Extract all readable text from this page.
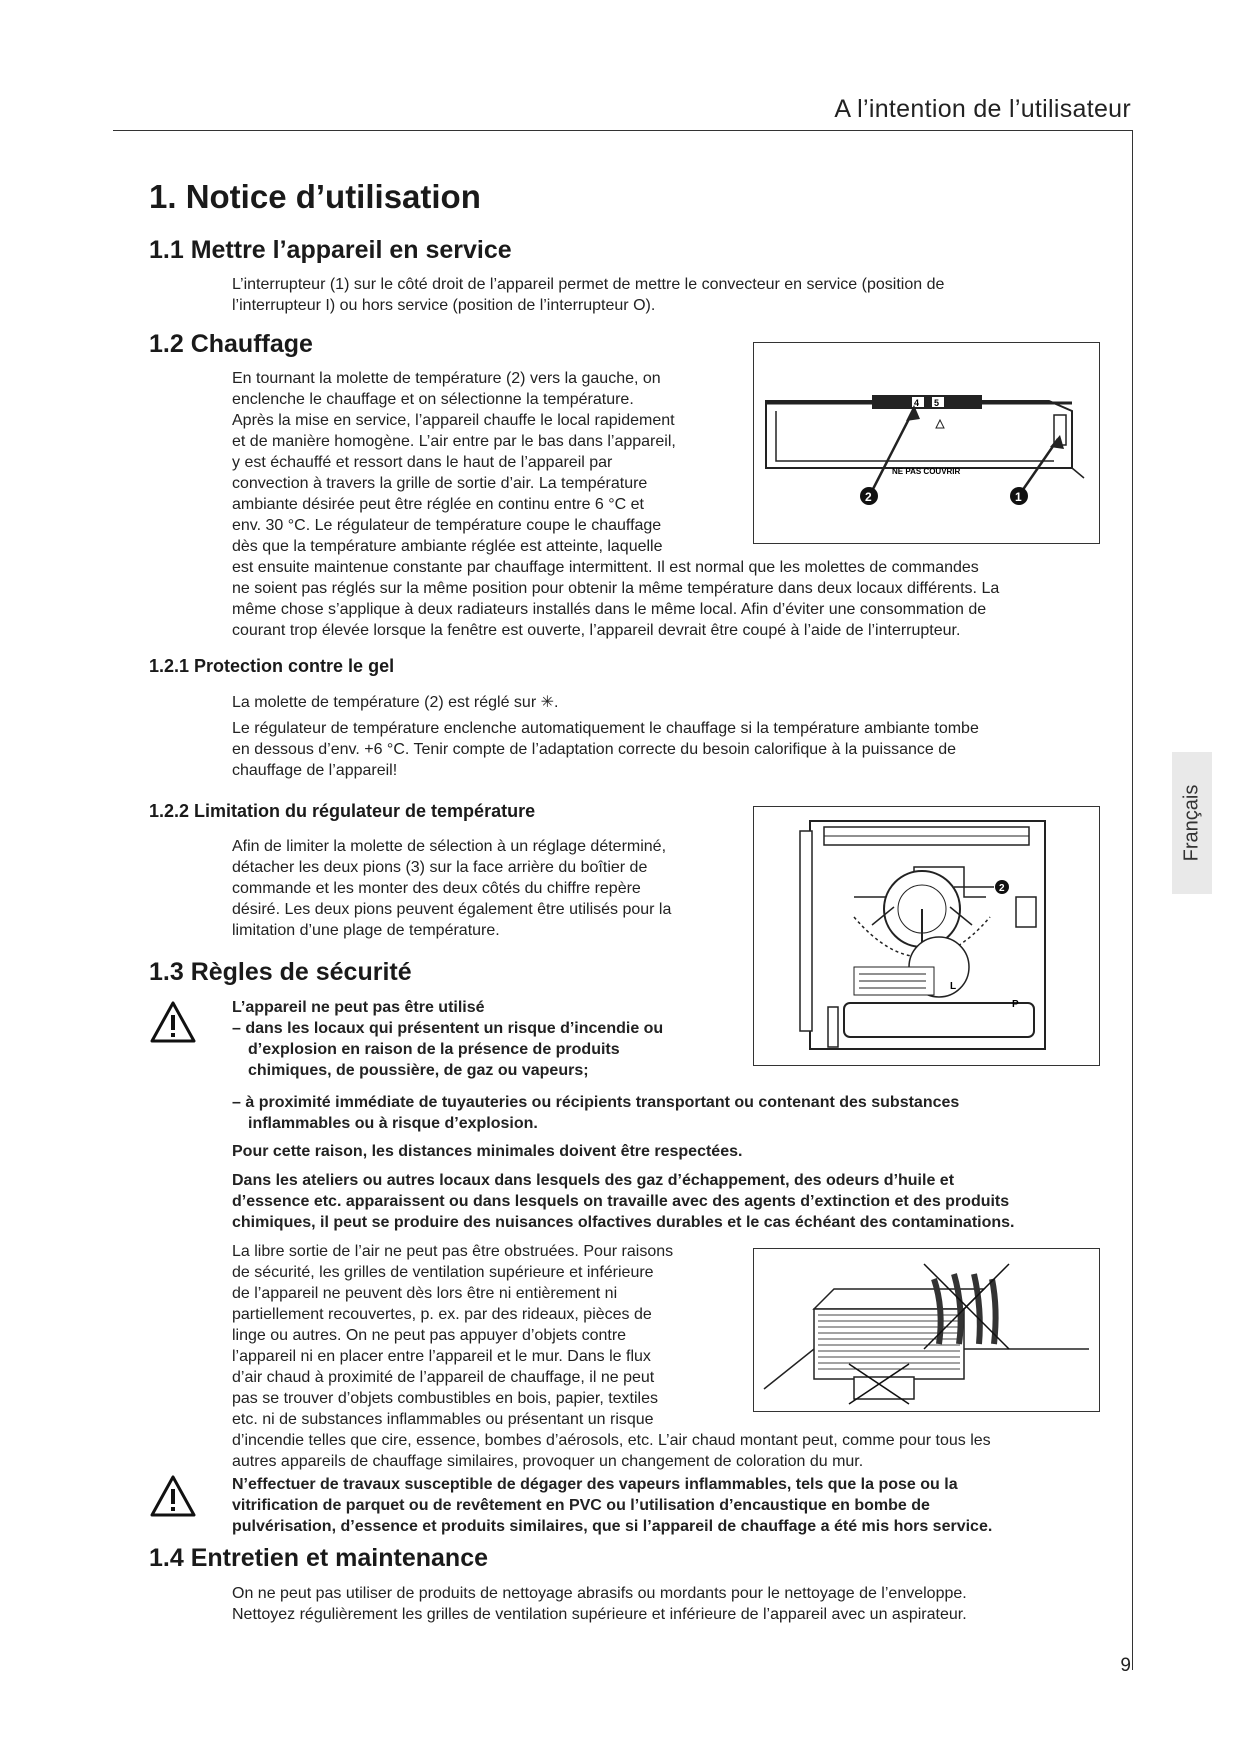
A l’intention de l’utilisateur
Français
1. Notice d’utilisation
1.1 Mettre l’appareil en service

L’interrupteur (1) sur le côté droit de l’appareil permet de mettre le convecteur en service (position de

l’interrupteur I) ou hors service (position de l’interrupteur O).

1.2 Chauffage

En tournant la molette de température (2) vers la gauche, on

enclenche le chauffage et on sélectionne la température.

Après la mise en service, l’appareil chauffe le local rapidement

et de manière homogène. L’air entre par le bas dans l’appareil,

y est échauffé et ressort dans le haut de l’appareil par

convection à travers la grille de sortie d’air. La température

ambiante désirée peut être réglée en continu entre 6 °C et

env. 30 °C. Le régulateur de température coupe le chauffage

dès que la température ambiante réglée est atteinte, laquelle

est ensuite maintenue constante par chauffage intermittent. Il est normal que les molettes de commandes

ne soient pas réglés sur la même position pour obtenir la même température dans deux locaux différents. La

même chose s’applique à deux radiateurs installés dans le même local. Afin d’éviter une consommation de

courant trop élevée lorsque la fenêtre est ouverte, l’appareil devrait être coupé à l’aide de l’interrupteur.

4 5
NE PAS COUVRIR
2	1
1.2.1 Protection contre le gel

La molette de température (2) est réglé sur ✳.

Le régulateur de température enclenche automatiquement le chauffage si la température ambiante tombe

en dessous d’env. +6 °C. Tenir compte de l’adaptation correcte du besoin calorifique à la puissance de

chauffage de l’appareil!

1.2.2 Limitation du régulateur de température

Afin de limiter la molette de sélection à un réglage déterminé,

détacher les deux pions (3) sur la face arrière du boîtier de

commande et les monter des deux côtés du chiffre repère

désiré. Les deux pions peuvent également être utilisés pour la

limitation d’une plage de température.

2
L
P
1.3 Règles de sécurité

L’appareil ne peut pas être utilisé

– dans les locaux qui présentent un risque d’incendie ou

d’explosion en raison de la présence de produits

chimiques, de poussière, de gaz ou vapeurs;

– à proximité immédiate de tuyauteries ou récipients transportant ou contenant des substances

inflammables ou à risque d’explosion.

Pour cette raison, les distances minimales doivent être respectées.

Dans les ateliers ou autres locaux dans lesquels des gaz d’échappement, des odeurs d’huile et

d’essence etc. apparaissent ou dans lesquels on travaille avec des agents d’extinction et des produits

chimiques, il peut se produire des nuisances olfactives durables et le cas échéant des contaminations.

La libre sortie de l’air ne peut pas être obstruées. Pour raisons

de sécurité, les grilles de ventilation supérieure et inférieure

de l’appareil ne peuvent dès lors être ni entièrement ni

partiellement recouvertes, p. ex. par des rideaux, pièces de

linge ou autres. On ne peut pas appuyer d’objets contre

l’appareil ni en placer entre l’appareil et le mur. Dans le flux

d’air chaud à proximité de l’appareil de chauffage, il ne peut

pas se trouver d’objets combustibles en bois, papier, textiles

etc. ni de substances inflammables ou présentant un risque

d’incendie telles que cire, essence, bombes d’aérosols, etc. L’air chaud montant peut, comme pour tous les

autres appareils de chauffage similaires, provoquer un changement de coloration du mur.

N’effectuer de travaux susceptible de dégager des vapeurs inflammables, tels que la pose ou la

vitrification de parquet ou de revêtement en PVC ou l’utilisation d’encaustique en bombe de

pulvérisation, d’essence et produits similaires, que si l’appareil de chauffage a été mis hors service.

1.4 Entretien et maintenance

On ne peut pas utiliser de produits de nettoyage abrasifs ou mordants pour le nettoyage de l’enveloppe.

Nettoyez régulièrement les grilles de ventilation supérieure et inférieure de l’appareil avec un aspirateur.

9
